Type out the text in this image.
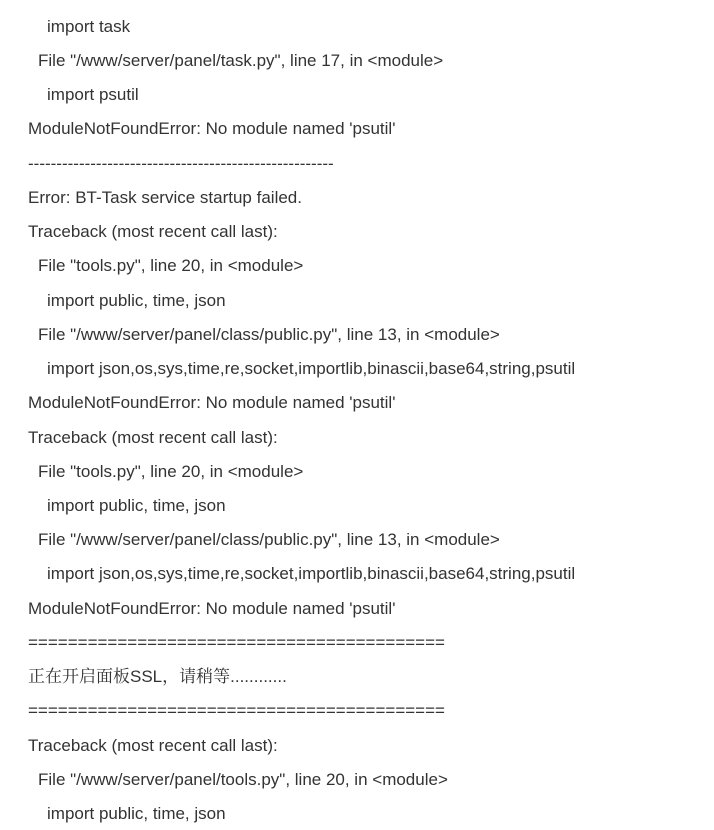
import task
File "/www/server/panel/task.py", line 17, in <module>
import psutil
ModuleNotFoundError: No module named 'psutil'
------------------------------------------------------
Error: BT-Task service startup failed.
Traceback (most recent call last):
File "tools.py", line 20, in <module>
import public, time, json
File "/www/server/panel/class/public.py", line 13, in <module>
import json,os,sys,time,re,socket,importlib,binascii,base64,string,psutil
ModuleNotFoundError: No module named 'psutil'
Traceback (most recent call last):
File "tools.py", line 20, in <module>
import public, time, json
File "/www/server/panel/class/public.py", line 13, in <module>
import json,os,sys,time,re,socket,importlib,binascii,base64,string,psutil
ModuleNotFoundError: No module named 'psutil'
==========================================
正在开启面板SSL，请稍等............
==========================================
Traceback (most recent call last):
File "/www/server/panel/tools.py", line 20, in <module>
import public, time, json
